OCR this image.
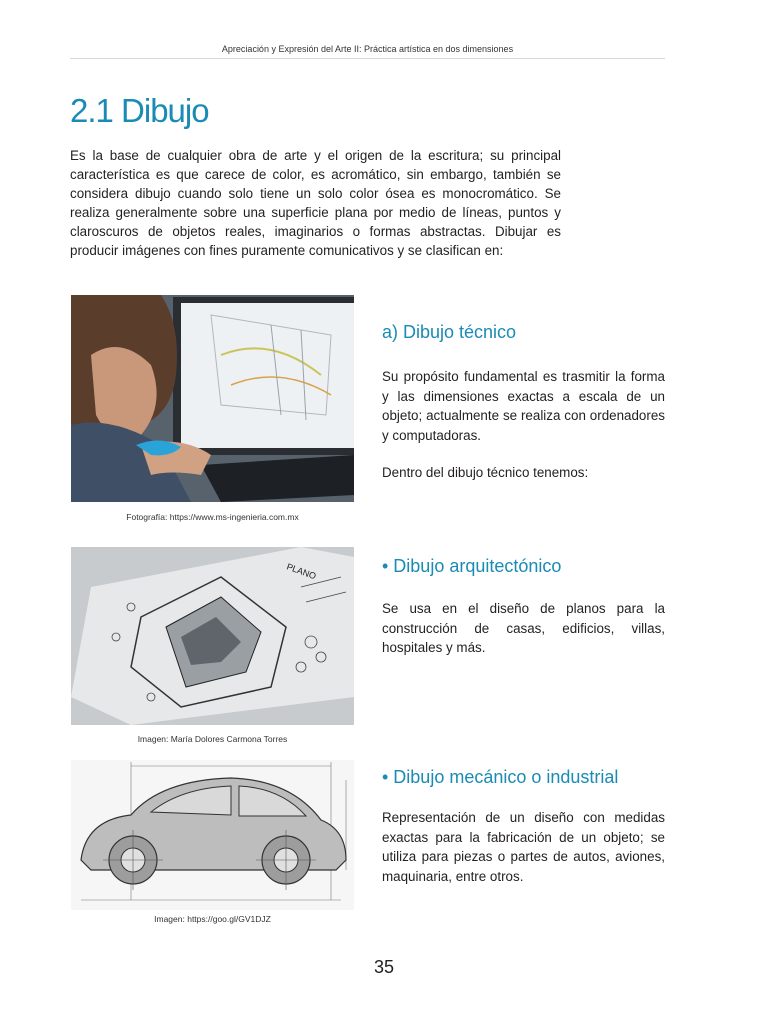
Apreciación y Expresión del Arte II: Práctica artística en dos dimensiones
2.1 Dibujo

Es la base de cualquier obra de arte y el origen de la escritura; su principal característica es que carece de color, es acromático, sin embargo, también se considera dibujo cuando solo tiene un solo color ósea es monocromático. Se realiza generalmente sobre una superficie plana por medio de líneas, puntos y claroscuros de objetos reales, imaginarios o formas abstractas. Dibujar es producir imágenes con fines puramente comunicativos y se clasifican en:

Fotografía: https://www.ms-ingenieria.com.mx
a) Dibujo técnico

Su propósito fundamental es trasmitir la forma y las dimensiones exactas a escala de un objeto; actualmente se realiza con ordenadores y computadoras.

Dentro del dibujo técnico tenemos:

PLANO
Imagen: María Dolores Carmona Torres
• Dibujo arquitectónico

Se usa en el diseño de planos para la construcción de casas, edificios, villas, hospitales y más.

Imagen: https://goo.gl/GV1DJZ
• Dibujo mecánico o industrial

Representación de un diseño con medidas exactas para la fabricación de un objeto; se utiliza para piezas o partes de autos, aviones, maquinaria, entre otros.

35
